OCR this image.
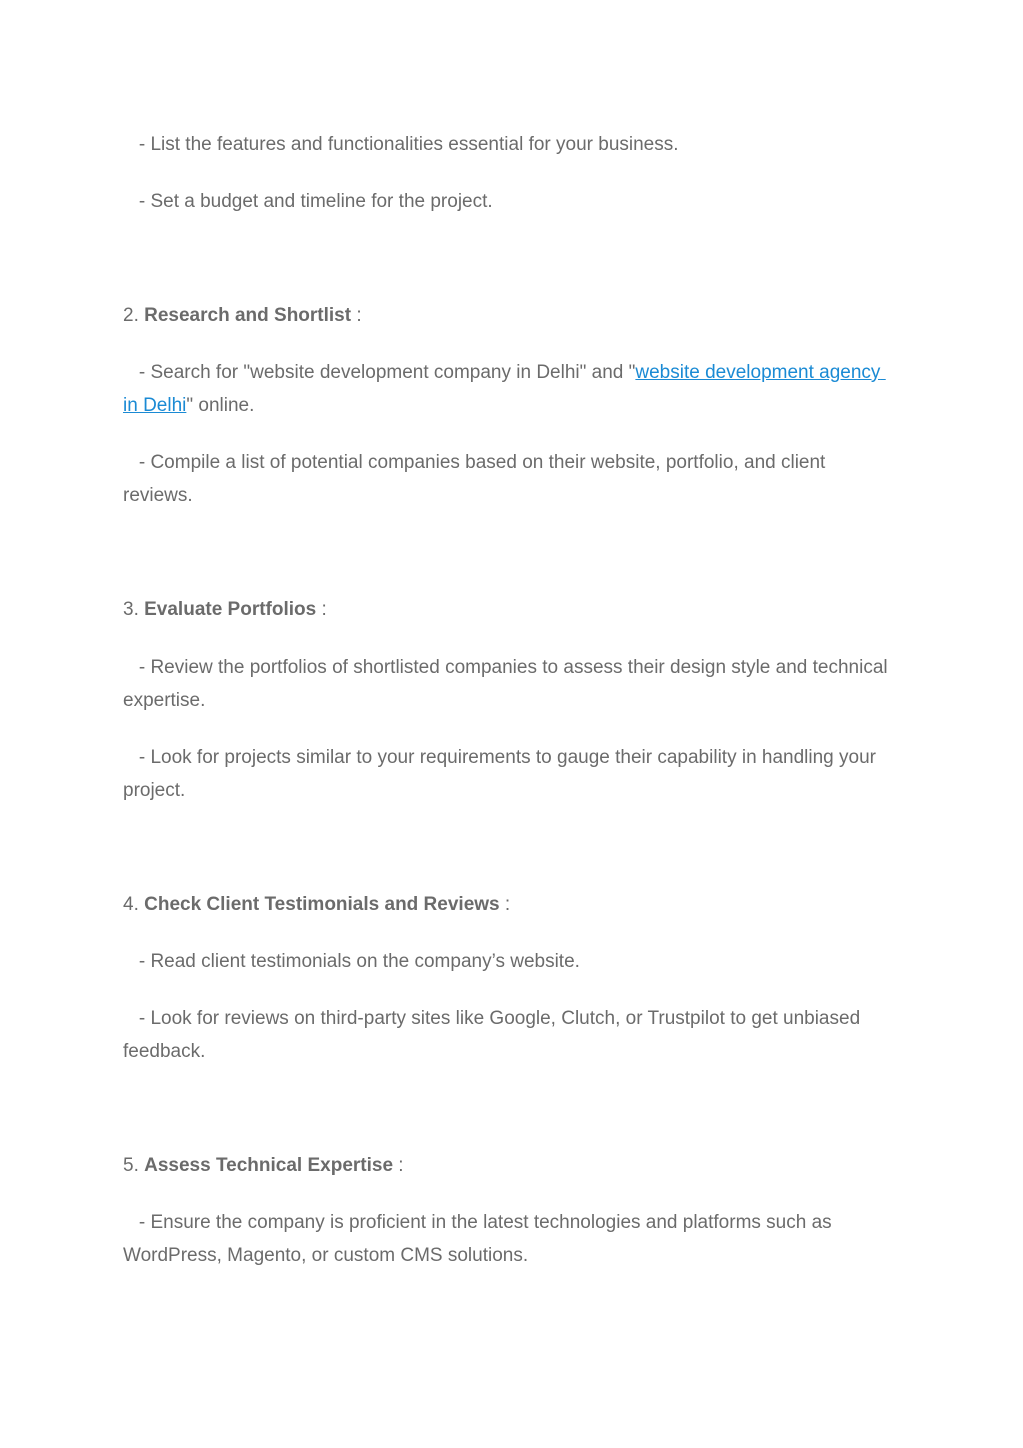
- List the features and functionalities essential for your business.

- Set a budget and timeline for the project.

2. Research and Shortlist :

- Search for "website development company in Delhi" and "website development agency in Delhi" online.

- Compile a list of potential companies based on their website, portfolio, and client reviews.

3. Evaluate Portfolios :

- Review the portfolios of shortlisted companies to assess their design style and technical expertise.

- Look for projects similar to your requirements to gauge their capability in handling your project.

4. Check Client Testimonials and Reviews :

- Read client testimonials on the company’s website.

- Look for reviews on third-party sites like Google, Clutch, or Trustpilot to get unbiased feedback.

5. Assess Technical Expertise :

- Ensure the company is proficient in the latest technologies and platforms such as WordPress, Magento, or custom CMS solutions.
